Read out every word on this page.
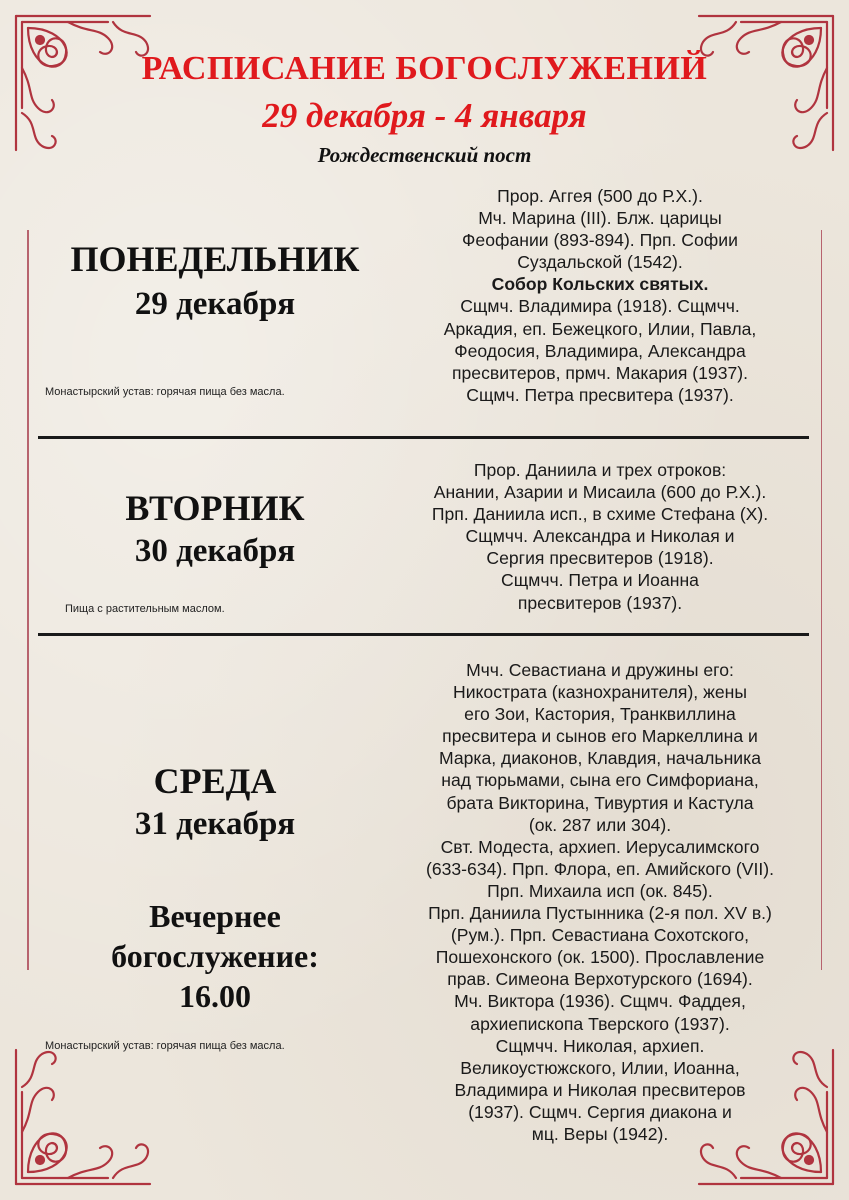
РАСПИСАНИЕ БОГОСЛУЖЕНИЙ
29 декабря - 4 января
Рождественский пост
ПОНЕДЕЛЬНИК
29 декабря
Монастырский устав: горячая пища без масла.
Прор. Аггея (500 до Р.Х.).
Мч. Марина (III). Блж. царицы
Феофании (893-894). Прп. Софии
Суздальской (1542).
Собор Кольских святых.
Сщмч. Владимира (1918). Сщмчч.
Аркадия, еп. Бежецкого, Илии, Павла,
Феодосия, Владимира, Александра
пресвитеров, прмч. Макария (1937).
Сщмч. Петра пресвитера (1937).
ВТОРНИК
30 декабря
Пища с растительным маслом.
Прор. Даниила и трех отроков:
Анании, Азарии и Мисаила (600 до Р.Х.).
Прп. Даниила исп., в схиме Стефана (Х).
Сщмчч. Александра и Николая и
Сергия пресвитеров (1918).
Сщмчч. Петра и Иоанна
пресвитеров (1937).
СРЕДА
31 декабря
Вечернее
богослужение:
16.00
Монастырский устав: горячая пища без масла.
Мчч. Севастиана и дружины его:
Никострата (казнохранителя), жены
его Зои, Кастория, Транквиллина
пресвитера и сынов его Маркеллина и
Марка, диаконов, Клавдия, начальника
над тюрьмами, сына его Симфориана,
брата Викторина, Тивуртия и Кастула
(ок. 287 или 304).
Свт. Модеста, архиеп. Иерусалимского
(633-634). Прп. Флора, еп. Амийского (VII).
Прп. Михаила исп (ок. 845).
Прп. Даниила Пустынника (2-я пол. XV в.)
(Рум.). Прп. Севастиана Сохотского,
Пошехонского (ок. 1500). Прославление
прав. Симеона Верхотурского (1694).
Мч. Виктора (1936). Сщмч. Фаддея,
архиепископа Тверского (1937).
Сщмчч. Николая, архиеп.
Великоустюжского, Илии, Иоанна,
Владимира и Николая пресвитеров
(1937). Сщмч. Сергия диакона и
мц. Веры (1942).
